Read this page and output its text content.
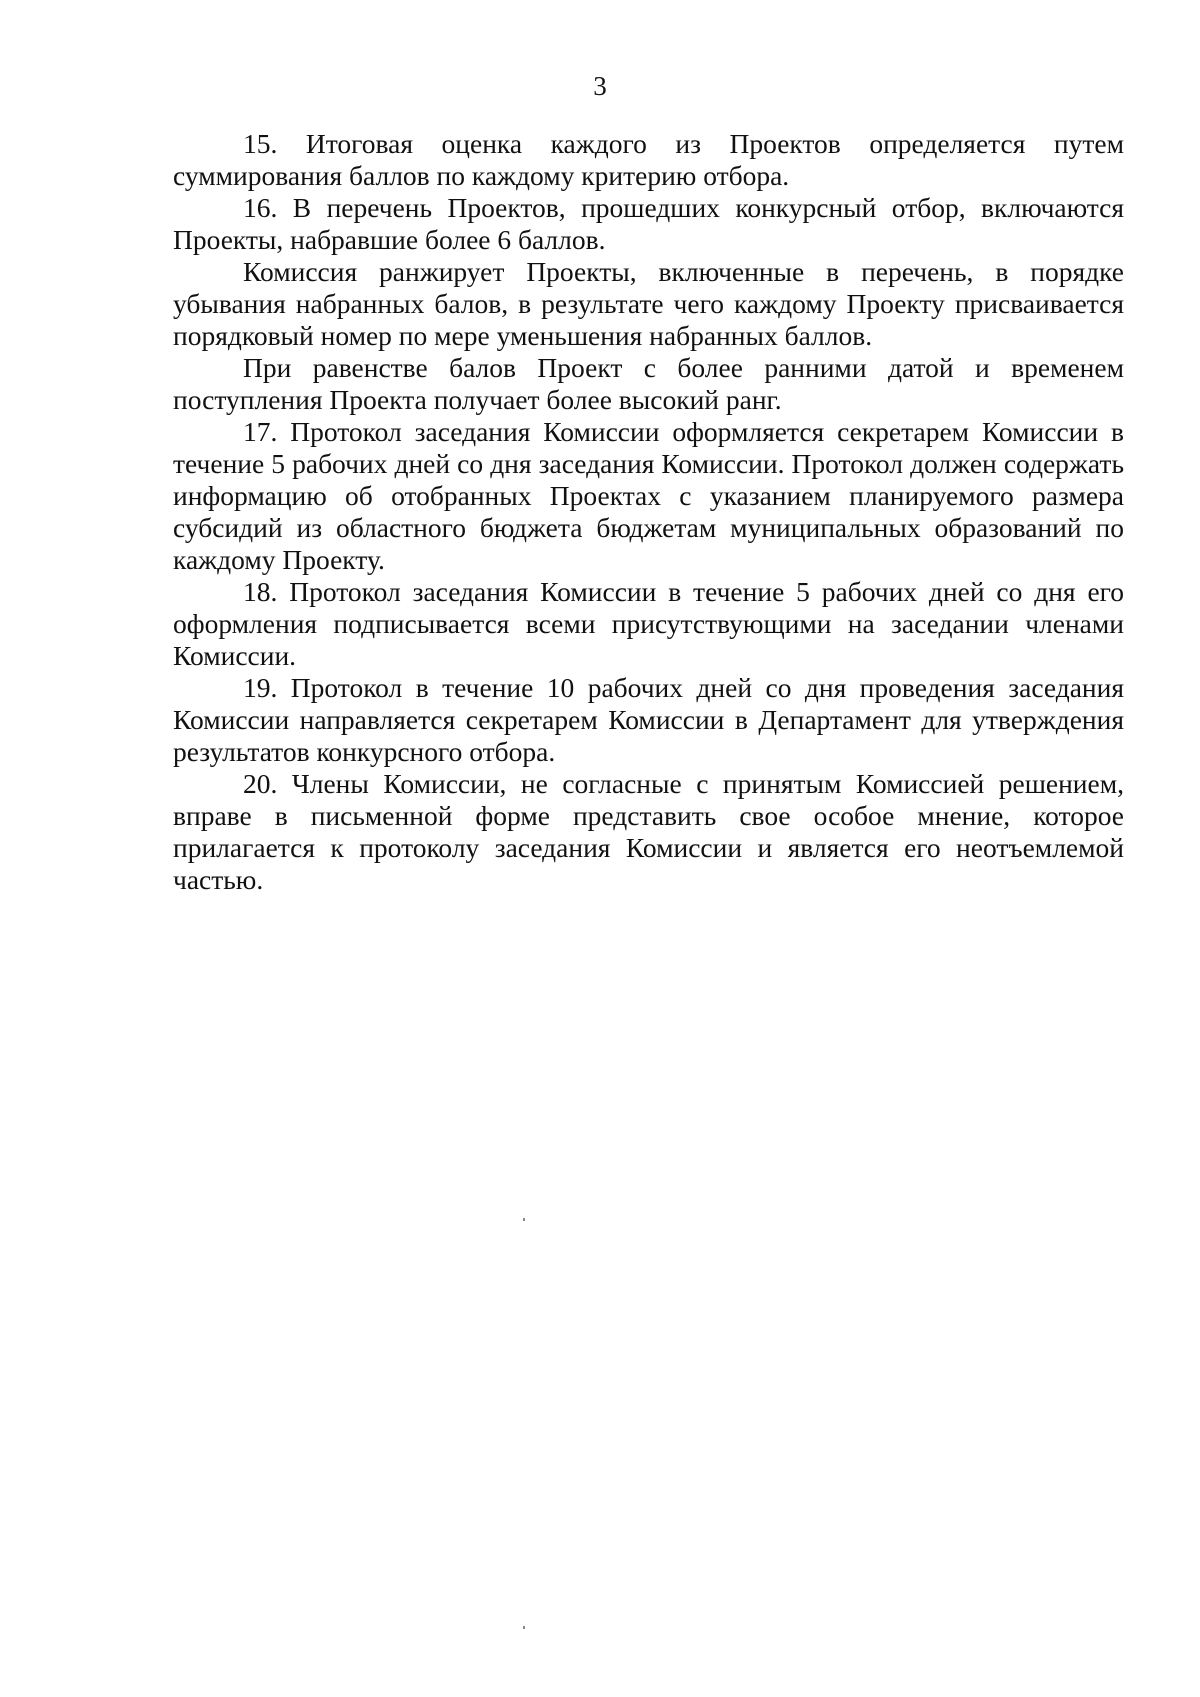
3

15. Итоговая оценка каждого из Проектов определяется путем суммирования баллов по каждому критерию отбора.

16. В перечень Проектов, прошедших конкурсный отбор, включаются Проекты, набравшие более 6 баллов.

Комиссия ранжирует Проекты, включенные в перечень, в порядке убывания набранных балов, в результате чего каждому Проекту присваивается порядковый номер по мере уменьшения набранных баллов.

При равенстве балов Проект с более ранними датой и временем поступления Проекта получает более высокий ранг.

17. Протокол заседания Комиссии оформляется секретарем Комиссии в течение 5 рабочих дней со дня заседания Комиссии. Протокол должен содержать информацию об отобранных Проектах с указанием планируемого размера субсидий из областного бюджета бюджетам муниципальных образований по каждому Проекту.

18. Протокол заседания Комиссии в течение 5 рабочих дней со дня его оформления подписывается всеми присутствующими на заседании членами Комиссии.

19. Протокол в течение 10 рабочих дней со дня проведения заседания Комиссии направляется секретарем Комиссии в Департамент для утверждения результатов конкурсного отбора.

20. Члены Комиссии, не согласные с принятым Комиссией решением, вправе в письменной форме представить свое особое мнение, которое прилагается к протоколу заседания Комиссии и является его неотъемлемой частью.
